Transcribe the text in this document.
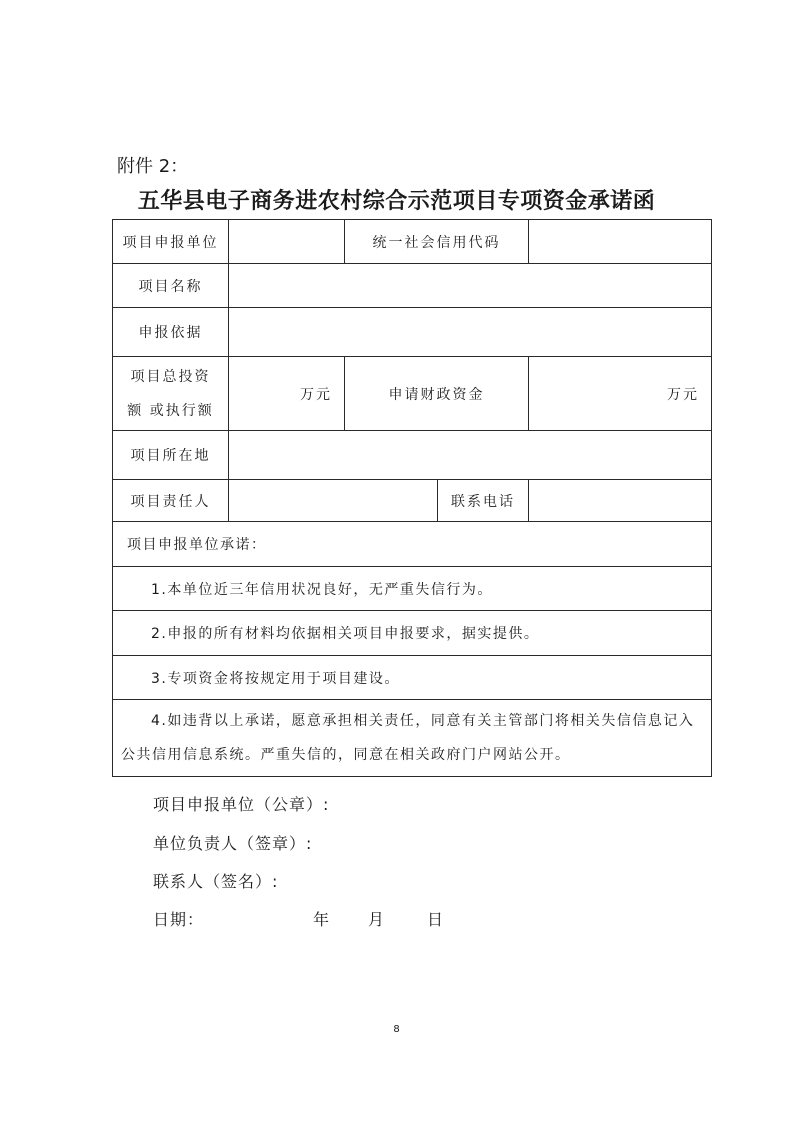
附件 2：
五华县电子商务进农村综合示范项目专项资金承诺函
项目申报单位		统一社会信用代码		
项目名称				
申报依据				

项目总投资
额 或执行额	万元	申请财政资金		万元
项目所在地				
项目责任人			联系电话	
项目申报单位承诺：				
1.本单位近三年信用状况良好，无严重失信行为。				
2.申报的所有材料均依据相关项目申报要求，据实提供。				
3.专项资金将按规定用于项目建设。				

4.如违背以上承诺，愿意承担相关责任，同意有关主管部门将相关失信信息记入
公共信用信息系统。严重失信的，同意在相关政府门户网站公开。				
项目申报单位（公章）:
单位负责人（签章）:
联系人（签名）:
日期：	年 月	日
8
